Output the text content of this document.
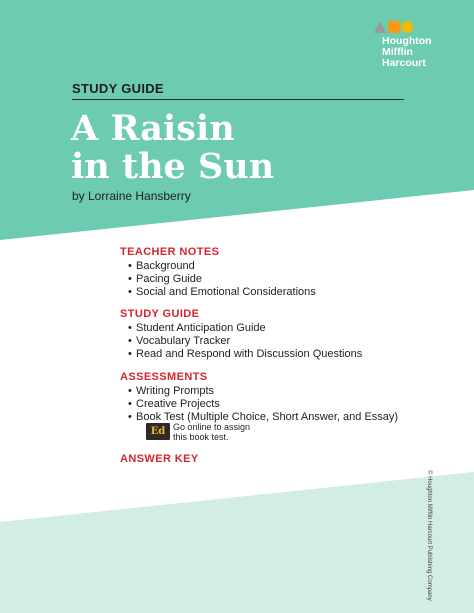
Houghton
Mifflin
Harcourt
STUDY GUIDE
A Raisin
in the Sun
by Lorraine Hansberry
TEACHER NOTES
• Background
• Pacing Guide
• Social and Emotional Considerations
STUDY GUIDE
• Student Anticipation Guide
• Vocabulary Tracker
• Read and Respond with Discussion Questions
ASSESSMENTS
• Writing Prompts
• Creative Projects
• Book Test (Multiple Choice, Short Answer, and Essay)
Ed Go online to assign
this book test.
ANSWER KEY
© Houghton Mifflin Harcourt Publishing Company
